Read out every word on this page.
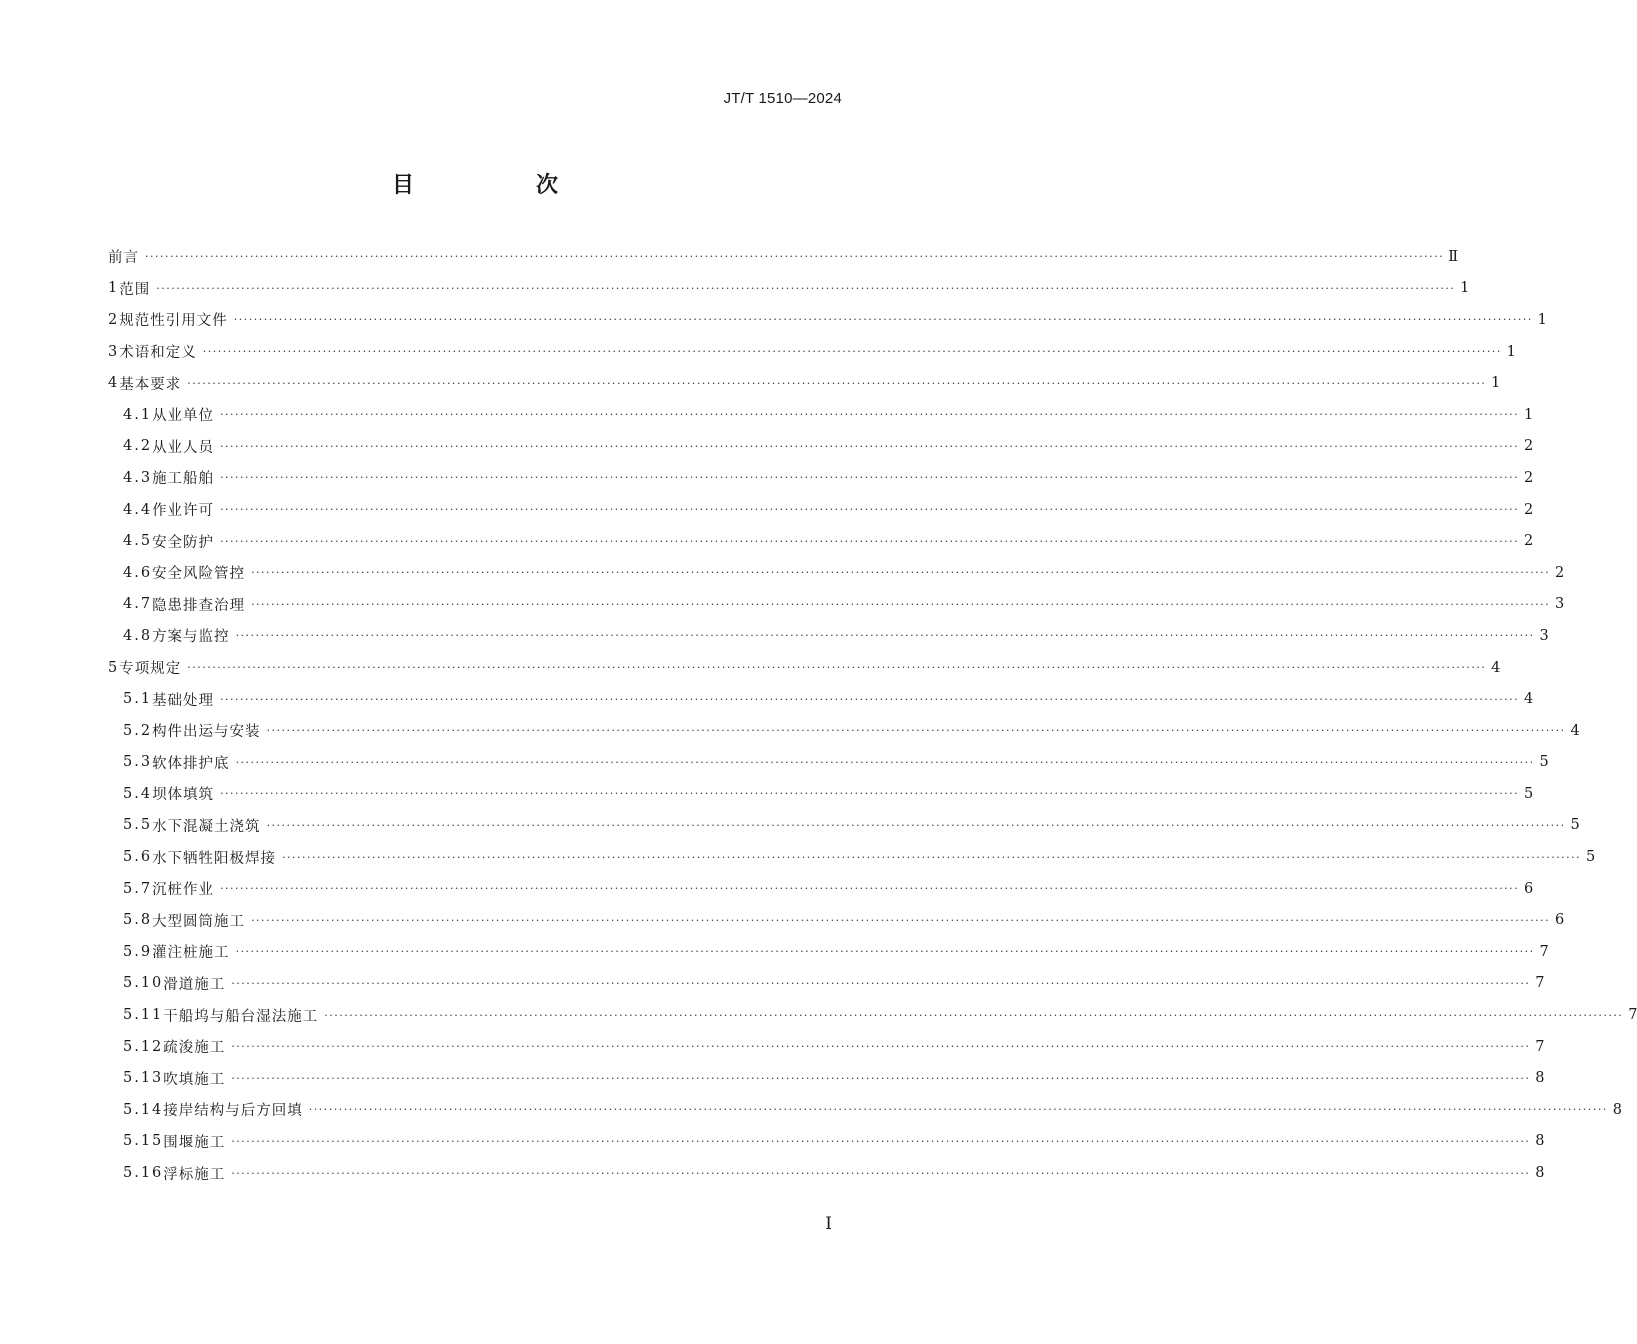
JT/T 1510—2024
目　次
前言 ···································································································································································································································································· Ⅱ
1 范围 ···································································································································································································································································· 1
2 规范性引用文件 ···································································································································································································································································· 1
3 术语和定义 ···································································································································································································································································· 1
4 基本要求 ···································································································································································································································································· 1
4.1 从业单位 ···································································································································································································································································· 1
4.2 从业人员 ···································································································································································································································································· 2
4.3 施工船舶 ···································································································································································································································································· 2
4.4 作业许可 ···································································································································································································································································· 2
4.5 安全防护 ···································································································································································································································································· 2
4.6 安全风险管控 ···································································································································································································································································· 2
4.7 隐患排查治理 ···································································································································································································································································· 3
4.8 方案与监控 ···································································································································································································································································· 3
5 专项规定 ···································································································································································································································································· 4
5.1 基础处理 ···································································································································································································································································· 4
5.2 构件出运与安装 ···································································································································································································································································· 4
5.3 软体排护底 ···································································································································································································································································· 5
5.4 坝体填筑 ···································································································································································································································································· 5
5.5 水下混凝土浇筑 ···································································································································································································································································· 5
5.6 水下牺牲阳极焊接 ···································································································································································································································································· 5
5.7 沉桩作业 ···································································································································································································································································· 6
5.8 大型圆筒施工 ···································································································································································································································································· 6
5.9 灌注桩施工 ···································································································································································································································································· 7
5.10 滑道施工 ···································································································································································································································································· 7
5.11 干船坞与船台湿法施工 ···································································································································································································································································· 7
5.12 疏浚施工 ···································································································································································································································································· 7
5.13 吹填施工 ···································································································································································································································································· 8
5.14 接岸结构与后方回填 ···································································································································································································································································· 8
5.15 围堰施工 ···································································································································································································································································· 8
5.16 浮标施工 ···································································································································································································································································· 8
Ⅰ
